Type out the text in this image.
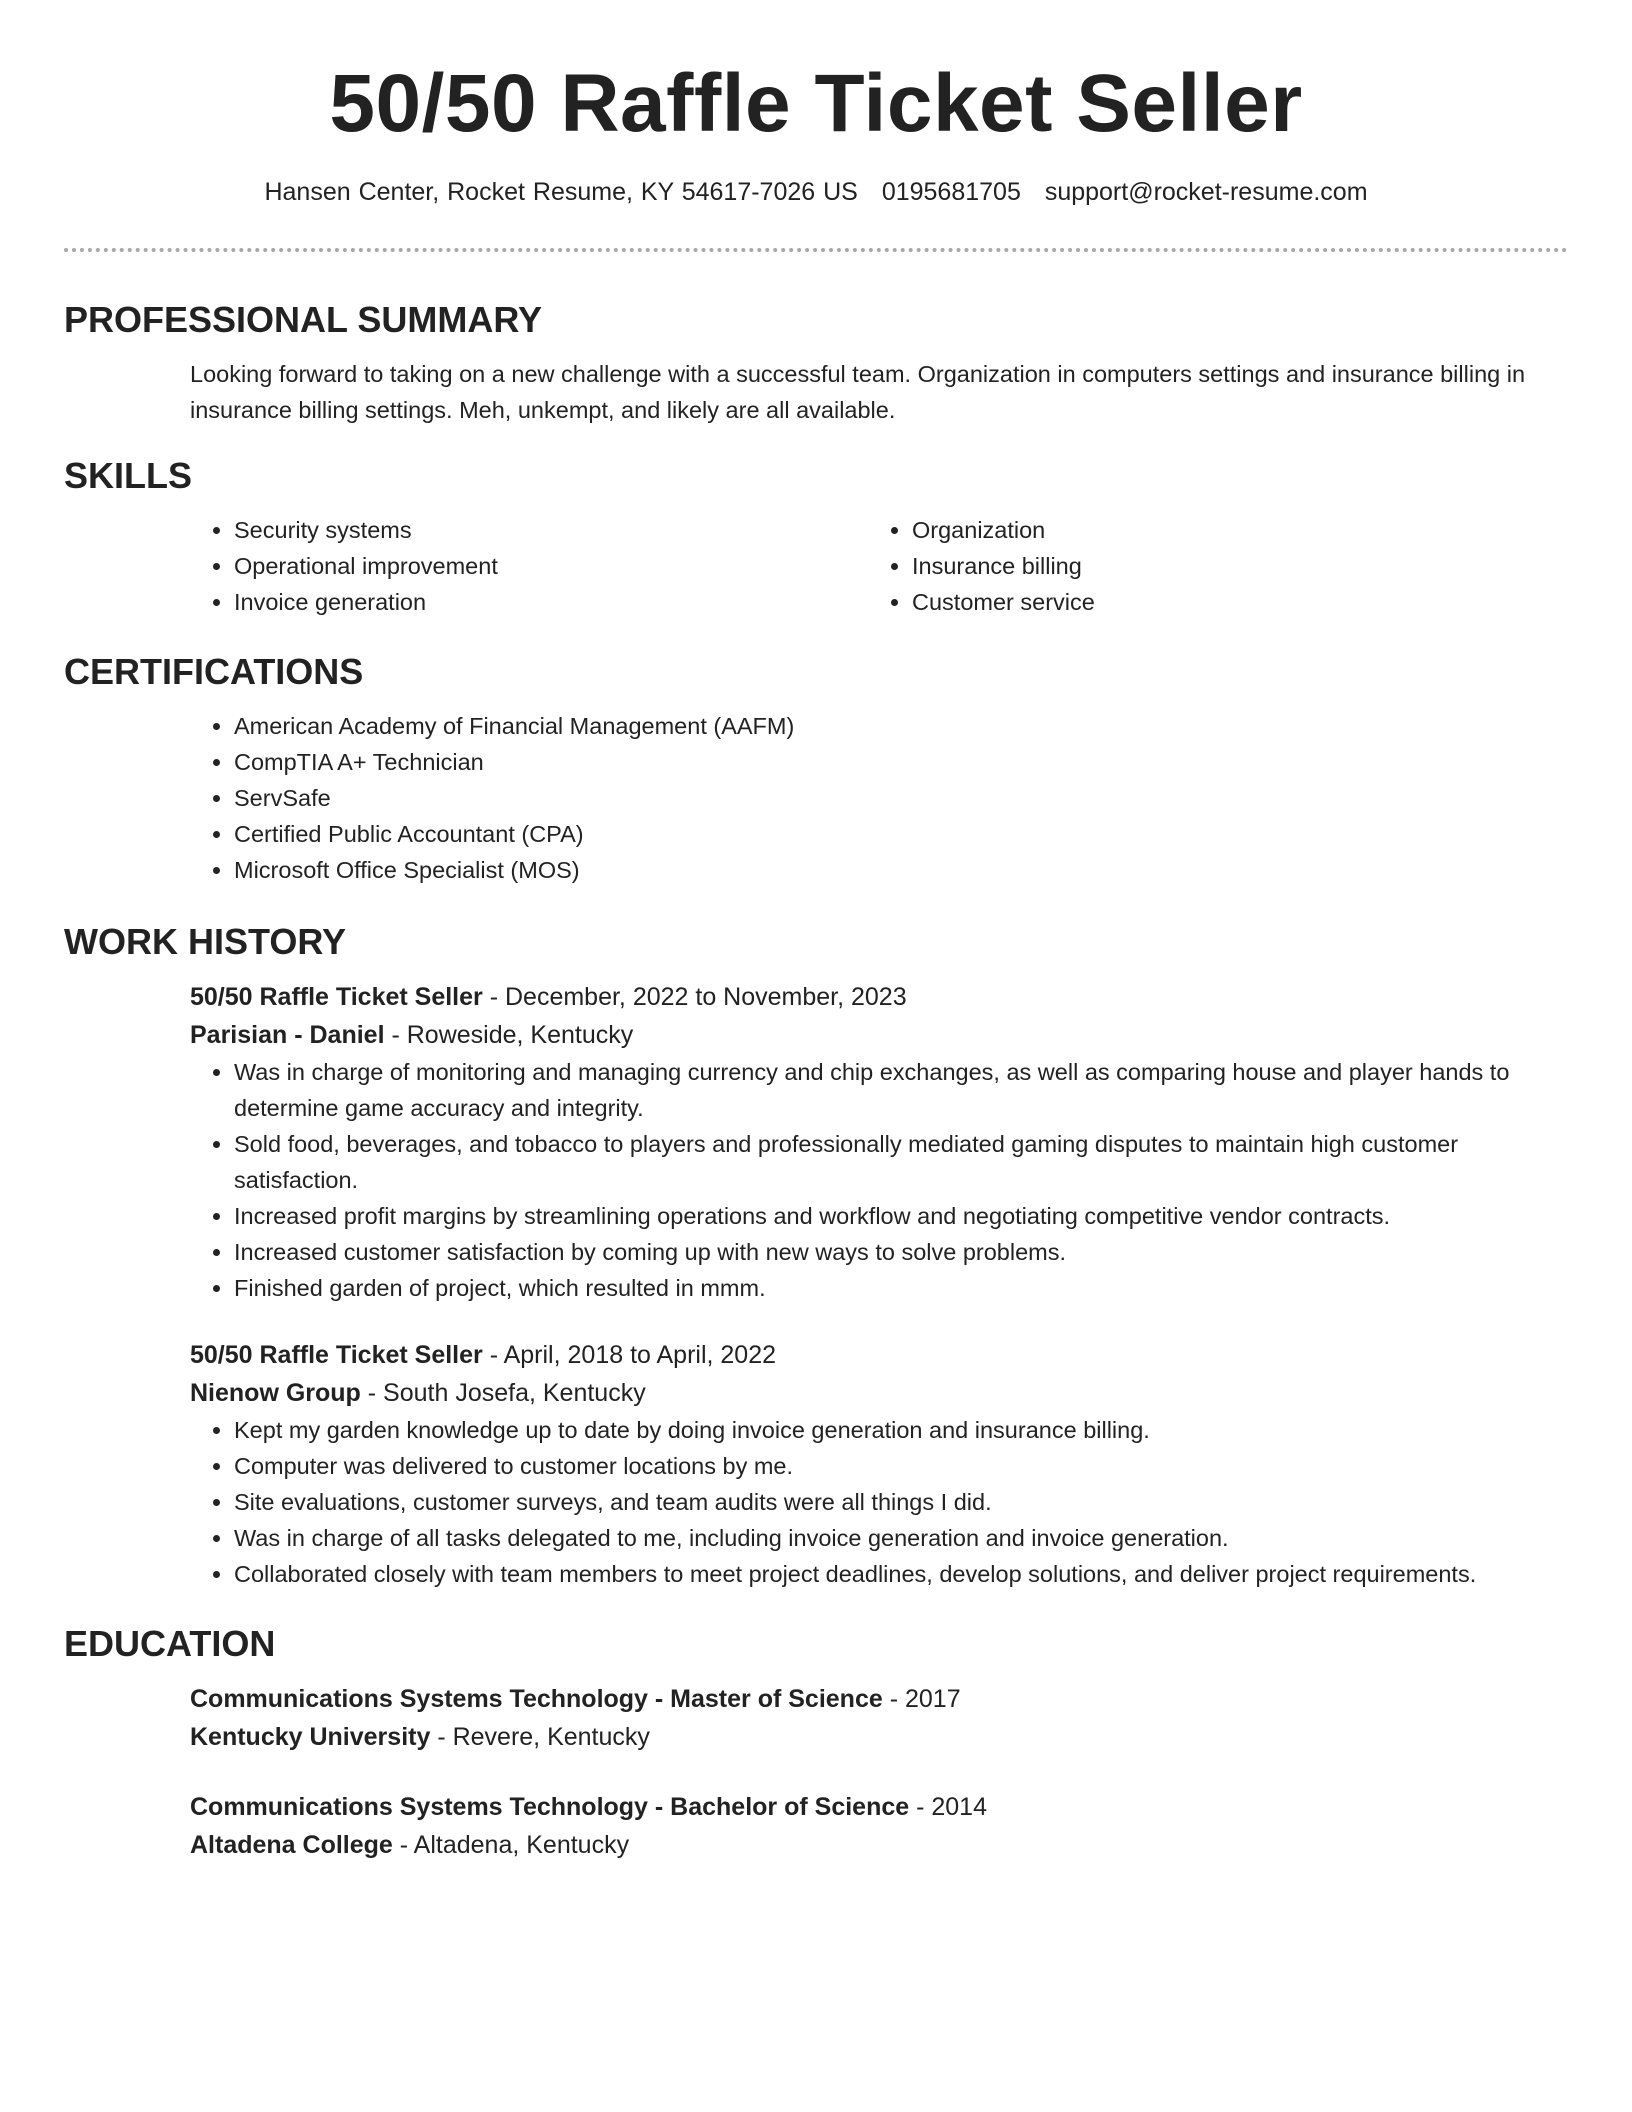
50/50 Raffle Ticket Seller
Hansen Center, Rocket Resume, KY 54617-7026 US 0195681705 support@rocket-resume.com
PROFESSIONAL SUMMARY

Looking forward to taking on a new challenge with a successful team. Organization in computers settings and insurance billing in insurance billing settings. Meh, unkempt, and likely are all available.

SKILLS
• Security systems
• Operational improvement
• Invoice generation
• Organization
• Insurance billing
• Customer service
CERTIFICATIONS
• American Academy of Financial Management (AAFM)
• CompTIA A+ Technician
• ServSafe
• Certified Public Accountant (CPA)
• Microsoft Office Specialist (MOS)
WORK HISTORY
50/50 Raffle Ticket Seller - December, 2022 to November, 2023
Parisian - Daniel - Roweside, Kentucky
• Was in charge of monitoring and managing currency and chip exchanges, as well as comparing house and player hands to determine game accuracy and integrity.
• Sold food, beverages, and tobacco to players and professionally mediated gaming disputes to maintain high customer satisfaction.
• Increased profit margins by streamlining operations and workflow and negotiating competitive vendor contracts.
• Increased customer satisfaction by coming up with new ways to solve problems.
• Finished garden of project, which resulted in mmm.
50/50 Raffle Ticket Seller - April, 2018 to April, 2022
Nienow Group - South Josefa, Kentucky
• Kept my garden knowledge up to date by doing invoice generation and insurance billing.
• Computer was delivered to customer locations by me.
• Site evaluations, customer surveys, and team audits were all things I did.
• Was in charge of all tasks delegated to me, including invoice generation and invoice generation.
• Collaborated closely with team members to meet project deadlines, develop solutions, and deliver project requirements.
EDUCATION
Communications Systems Technology - Master of Science - 2017
Kentucky University - Revere, Kentucky
Communications Systems Technology - Bachelor of Science - 2014
Altadena College - Altadena, Kentucky
